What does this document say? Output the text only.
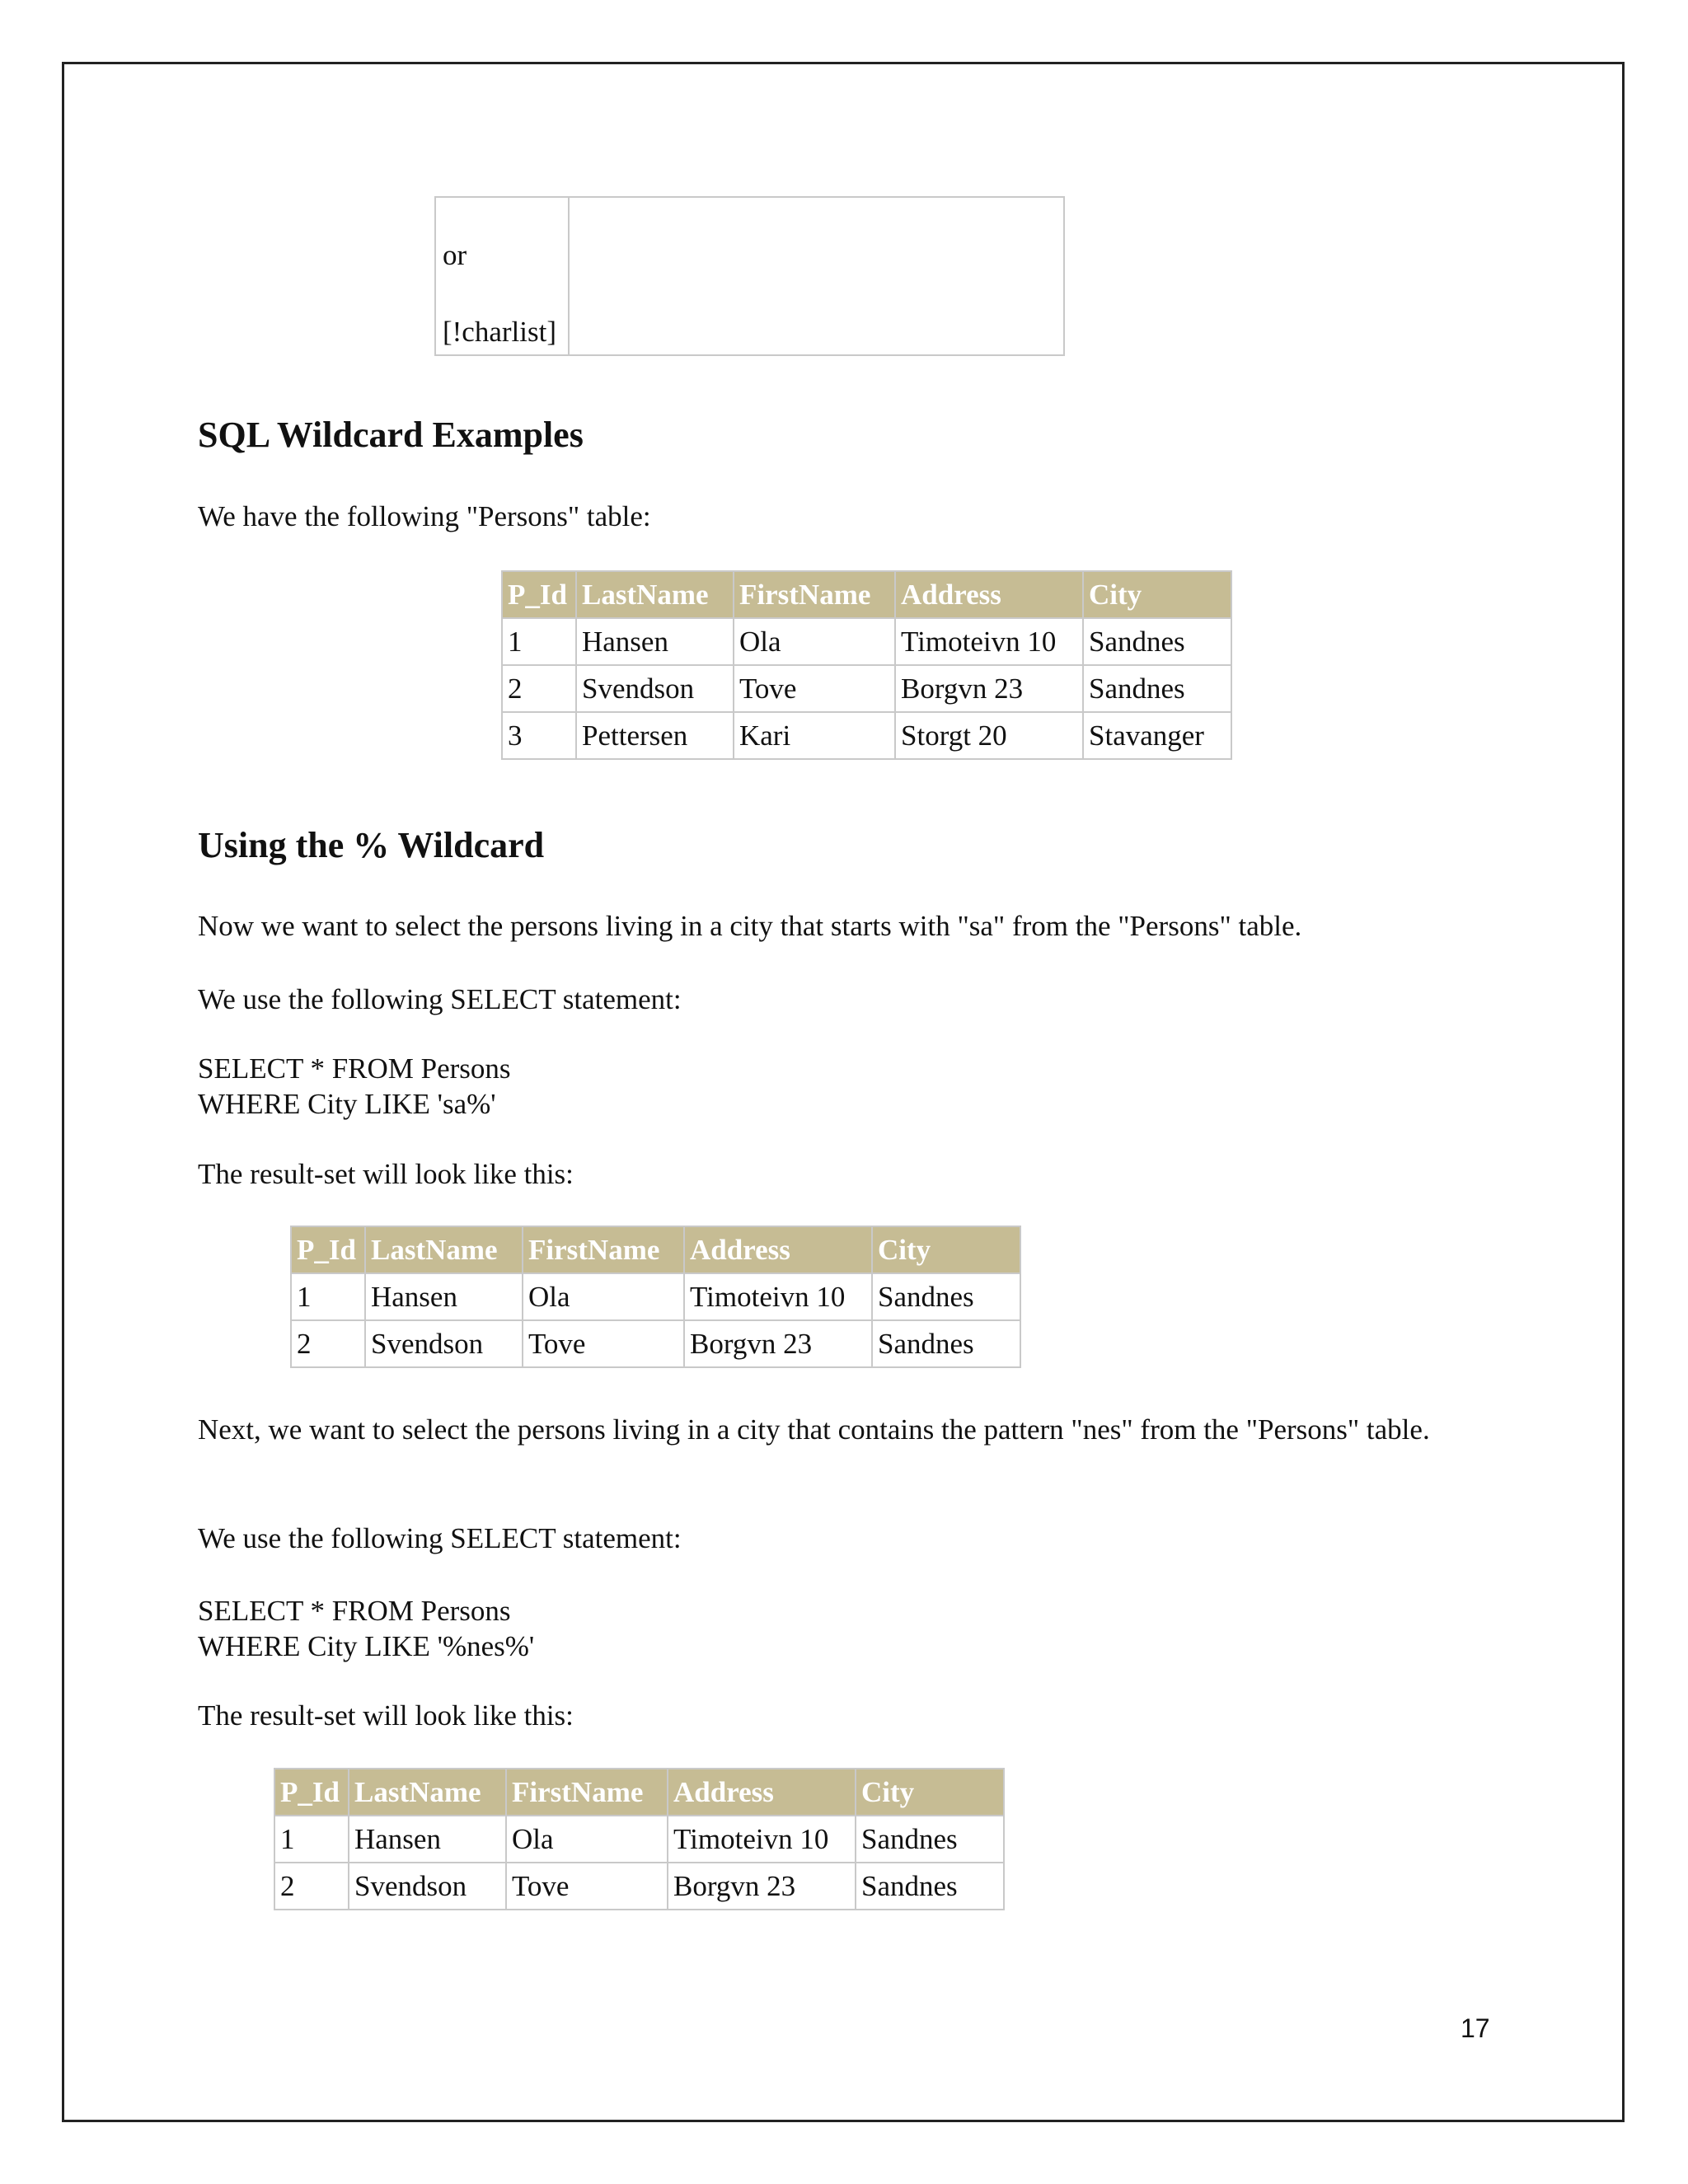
or
[!charlist]

SQL Wildcard Examples
We have the following "Persons" table:
P_Id	LastName	FirstName	Address	City
1	Hansen	Ola	Timoteivn 10	Sandnes
2	Svendson	Tove	Borgvn 23	Sandnes
3	Pettersen	Kari	Storgt 20	Stavanger
Using the % Wildcard
Now we want to select the persons living in a city that starts with "sa" from the "Persons" table.
We use the following SELECT statement:
SELECT * FROM Persons
WHERE City LIKE 'sa%'
The result-set will look like this:
P_Id	LastName	FirstName	Address	City
1	Hansen	Ola	Timoteivn 10	Sandnes
2	Svendson	Tove	Borgvn 23	Sandnes
Next, we want to select the persons living in a city that contains the pattern "nes" from the "Persons" table.
We use the following SELECT statement:
SELECT * FROM Persons
WHERE City LIKE '%nes%'
The result-set will look like this:
P_Id	LastName	FirstName	Address	City
1	Hansen	Ola	Timoteivn 10	Sandnes
2	Svendson	Tove	Borgvn 23	Sandnes
17
